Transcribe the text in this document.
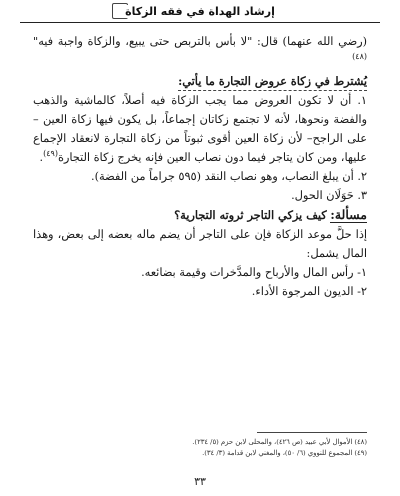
إرشاد الهداة في فقه الزكاة

(رضي الله عنهما) قال: "لا بأس بالتربص حتى يبيع، والزكاة واجبة فيه" $^{(٤٨)}$

يُشترط في زكاة عروض التجارة ما يأتي:

١. أن لا تكون العروض مما يجب الزكاة فيه أصلاً، كالماشية والذهب والفضة ونحوها، لأنه لا تجتمع زكاتان إجماعاً، بل يكون فيها زكاة العين –على الراجح– لأن زكاة العين أقوى ثبوتاً من زكاة التجارة لانعقاد الإجماع عليها، ومن كان يتاجر فيما دون نصاب العين فإنه يخرج زكاة التجارة$^{(٤٩)}$.

٢. أن يبلغ النصاب، وهو نصاب النقد (٥٩٥ جراماً من الفضة).

٣. حَوَلَان الحول.

مسألة: كيف يزكي التاجر ثروته التجارية؟

إذا حلَّ موعد الزكاة فإن على التاجر أن يضم ماله بعضه إلى بعض، وهذا المال يشمل:

١- رأس المال والأرباح والمدَّخرات وقيمة بضائعه.

٢- الديون المرجوة الأداء.

(٤٨) الأموال لأبي عبيد (ص ٤٢٦)، والمحلى لابن حزم (٥/ ٢٣٤).

(٤٩) المجموع للنووي (٦/ ٥٠)، والمغني لابن قدامة (٣/ ٣٤).

٣٣
